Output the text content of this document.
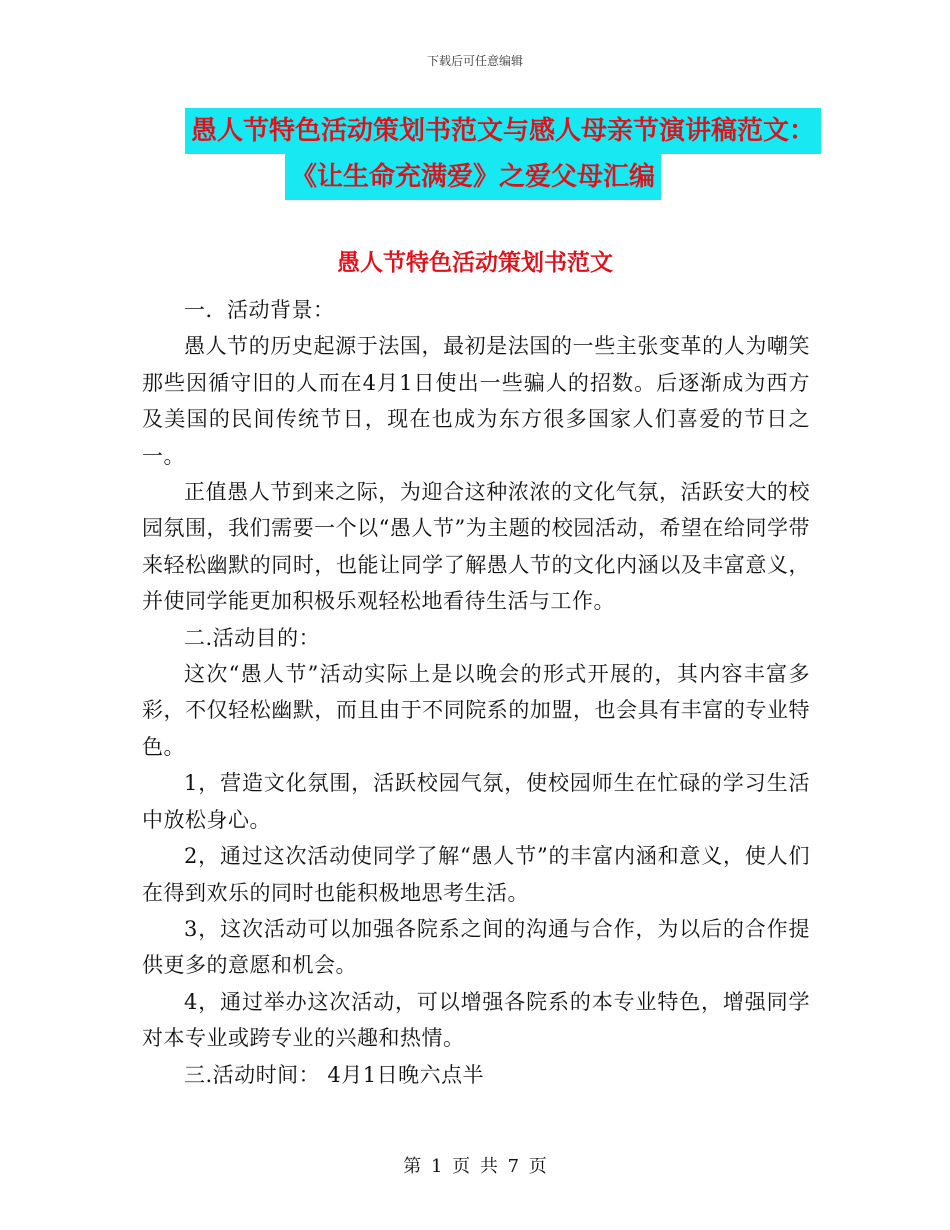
下载后可任意编辑
愚人节特色活动策划书范文与感人母亲节演讲稿范文：
《让生命充满爱》之爱父母汇编
愚人节特色活动策划书范文

一．活动背景：

愚人节的历史起源于法国，最初是法国的一些主张变革的人为嘲笑那些因循守旧的人而在4月1日使出一些骗人的招数。后逐渐成为西方及美国的民间传统节日，现在也成为东方很多国家人们喜爱的节日之一。

正值愚人节到来之际，为迎合这种浓浓的文化气氛，活跃安大的校园氛围，我们需要一个以“愚人节”为主题的校园活动，希望在给同学带来轻松幽默的同时，也能让同学了解愚人节的文化内涵以及丰富意义，并使同学能更加积极乐观轻松地看待生活与工作。

二.活动目的：

这次“愚人节”活动实际上是以晚会的形式开展的，其内容丰富多彩，不仅轻松幽默，而且由于不同院系的加盟，也会具有丰富的专业特色。

1，营造文化氛围，活跃校园气氛，使校园师生在忙碌的学习生活中放松身心。

2，通过这次活动使同学了解“愚人节”的丰富内涵和意义，使人们在得到欢乐的同时也能积极地思考生活。

3，这次活动可以加强各院系之间的沟通与合作，为以后的合作提供更多的意愿和机会。

4，通过举办这次活动，可以增强各院系的本专业特色，增强同学对本专业或跨专业的兴趣和热情。

三.活动时间： 4月1日晚六点半

第 1 页 共 7 页
